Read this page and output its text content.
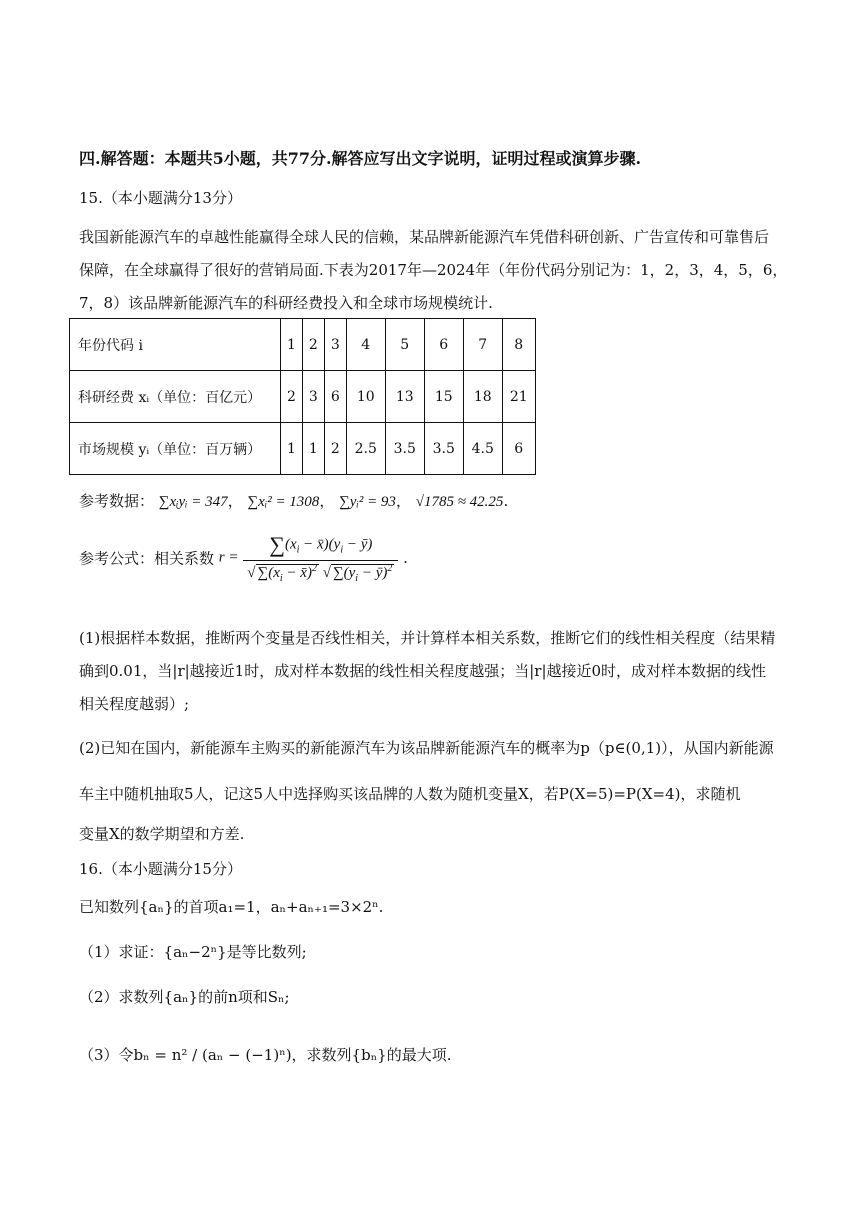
四.解答题：本题共5小题，共77分.解答应写出文字说明，证明过程或演算步骤.
15.（本小题满分13分）
我国新能源汽车的卓越性能赢得全球人民的信赖，某品牌新能源汽车凭借科研创新、广告宣传和可靠售后
保障，在全球赢得了很好的营销局面.下表为2017年—2024年（年份代码分别记为：1，2，3，4，5，6，
7，8）该品牌新能源汽车的科研经费投入和全球市场规模统计.
年份代码 i	1	2	3	4	5	6	7	8
科研经费 xᵢ（单位：百亿元）	2	3	6	10	13	15	18	21
市场规模 yᵢ（单位：百万辆）	1	1	2	2.5	3.5	3.5	4.5	6
参考数据： ∑xᵢyᵢ = 347， ∑xᵢ² = 1308， ∑yᵢ² = 93， √1785 ≈ 42.25.
参考公式：相关系数 $r = \frac{\sum(x_i - x̄)(y_i - ȳ)}{√ \sum(x_i - x̄)^2 √ \sum(y_i - ȳ)^2}$ .
(1)根据样本数据，推断两个变量是否线性相关，并计算样本相关系数，推断它们的线性相关程度（结果精
确到0.01，当|r|越接近1时，成对样本数据的线性相关程度越强；当|r|越接近0时，成对样本数据的线性
相关程度越弱）;
(2)已知在国内，新能源车主购买的新能源汽车为该品牌新能源汽车的概率为p（p∈(0,1)），从国内新能源
车主中随机抽取5人，记这5人中选择购买该品牌的人数为随机变量X，若P(X=5)=P(X=4)，求随机
变量X的数学期望和方差.
16.（本小题满分15分）
已知数列{aₙ}的首项a₁=1，aₙ+aₙ₊₁=3×2ⁿ.
（1）求证：{aₙ−2ⁿ}是等比数列;
（2）求数列{aₙ}的前n项和Sₙ;
（3）令bₙ = n² / (aₙ − (−1)ⁿ)，求数列{bₙ}的最大项.
